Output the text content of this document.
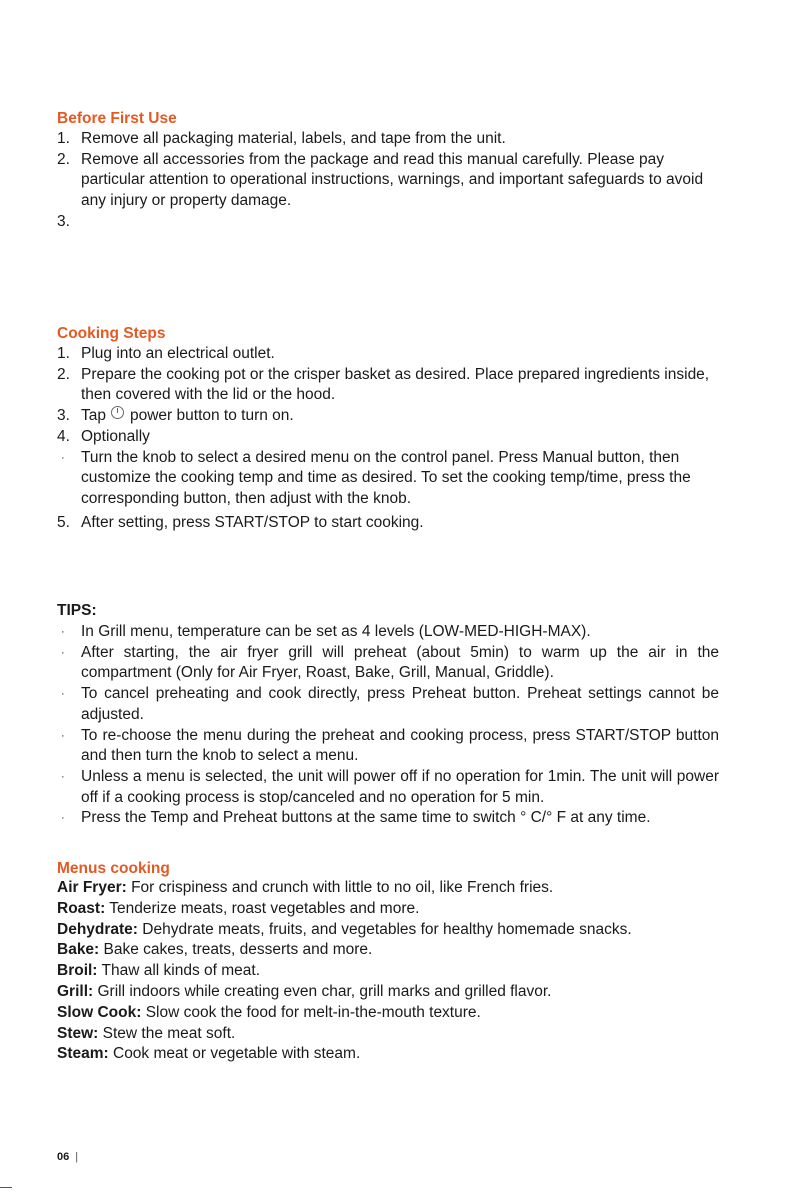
Before First Use
1. Remove all packaging material, labels, and tape from the unit.
2. Remove all accessories from the package and read this manual carefully. Please pay particular attention to operational instructions, warnings, and important safeguards to avoid any injury or property damage.
3.

Cooking Steps
1. Plug into an electrical outlet.
2. Prepare the cooking pot or the crisper basket as desired. Place prepared ingredients inside, then covered with the lid or the hood.
3. Tap power button to turn on.
4. Optionally
· Turn the knob to select a desired menu on the control panel. Press Manual button, then customize the cooking temp and time as desired. To set the cooking temp/time, press the corresponding button, then adjust with the knob.
5. After setting, press START/STOP to start cooking.
TIPS:
· In Grill menu, temperature can be set as 4 levels (LOW-MED-HIGH-MAX).
· After starting, the air fryer grill will preheat (about 5min) to warm up the air in the compartment (Only for Air Fryer, Roast, Bake, Grill, Manual, Griddle).
· To cancel preheating and cook directly, press Preheat button. Preheat settings cannot be adjusted.
· To re-choose the menu during the preheat and cooking process, press START/STOP button and then turn the knob to select a menu.
· Unless a menu is selected, the unit will power off if no operation for 1min. The unit will power off if a cooking process is stop/canceled and no operation for 5 min.
· Press the Temp and Preheat buttons at the same time to switch ° C/° F at any time.
Menus cooking
Air Fryer: For crispiness and crunch with little to no oil, like French fries.
Roast: Tenderize meats, roast vegetables and more.
Dehydrate: Dehydrate meats, fruits, and vegetables for healthy homemade snacks.
Bake: Bake cakes, treats, desserts and more.
Broil: Thaw all kinds of meat.
Grill: Grill indoors while creating even char, grill marks and grilled flavor.
Slow Cook: Slow cook the food for melt-in-the-mouth texture.
Stew: Stew the meat soft.
Steam: Cook meat or vegetable with steam.
06 |
